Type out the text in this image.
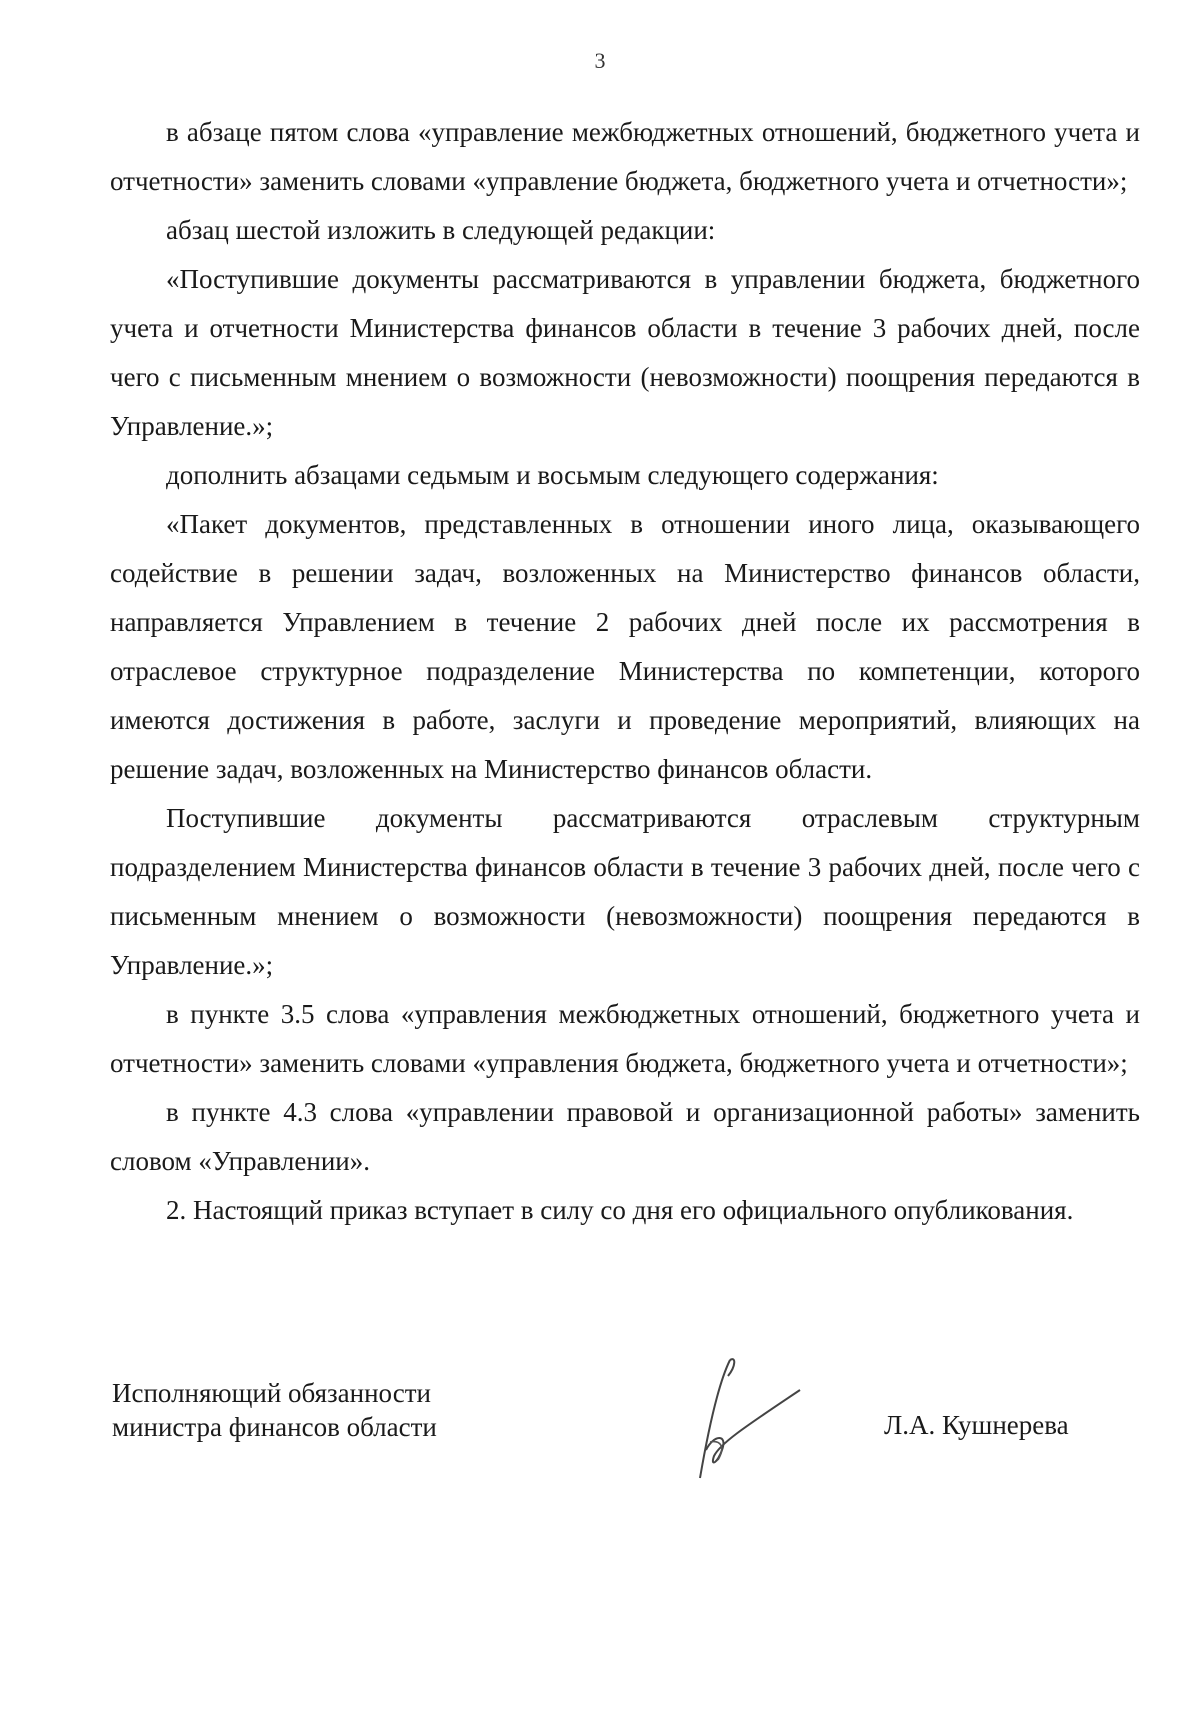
3

в абзаце пятом слова «управление межбюджетных отношений, бюджетного учета и отчетности» заменить словами «управление бюджета, бюджетного учета и отчетности»;

абзац шестой изложить в следующей редакции:

«Поступившие документы рассматриваются в управлении бюджета, бюджетного учета и отчетности Министерства финансов области в течение 3 рабочих дней, после чего с письменным мнением о возможности (невозможности) поощрения передаются в Управление.»;

дополнить абзацами седьмым и восьмым следующего содержания:

«Пакет документов, представленных в отношении иного лица, оказывающего содействие в решении задач, возложенных на Министерство финансов области, направляется Управлением в течение 2 рабочих дней после их рассмотрения в отраслевое структурное подразделение Министерства по компетенции, которого имеются достижения в работе, заслуги и проведение мероприятий, влияющих на решение задач, возложенных на Министерство финансов области.

Поступившие документы рассматриваются отраслевым структурным подразделением Министерства финансов области в течение 3 рабочих дней, после чего с письменным мнением о возможности (невозможности) поощрения передаются в Управление.»;

в пункте 3.5 слова «управления межбюджетных отношений, бюджетного учета и отчетности» заменить словами «управления бюджета, бюджетного учета и отчетности»;

в пункте 4.3 слова «управлении правовой и организационной работы» заменить словом «Управлении».

2. Настоящий приказ вступает в силу со дня его официального опубликования.

Исполняющий обязанности
министра финансов области	Л.А. Кушнерева
